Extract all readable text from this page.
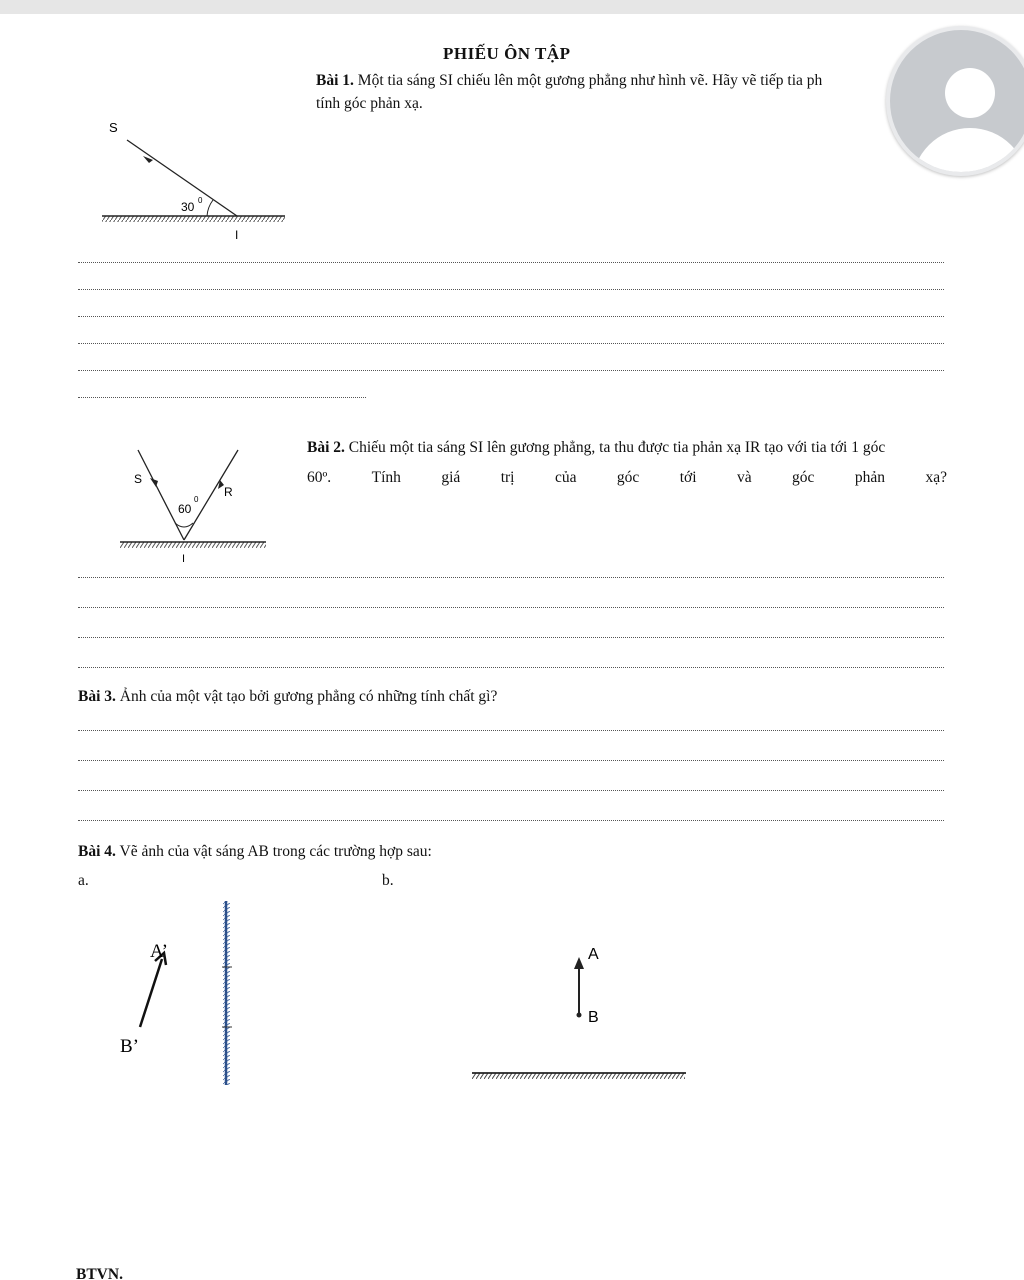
PHIẾU ÔN TẬP
Bài 1. Một tia sáng SI chiếu lên một gương phẳng như hình vẽ. Hãy vẽ tiếp tia ph
tính góc phản xạ.
S
30 0
I
Bài 2. Chiếu một tia sáng SI lên gương phẳng, ta thu được tia phản xạ IR tạo với tia tới 1 góc
60º.	Tính	giá	trị	của	góc	tới	và	góc	phản	xạ?
S
R
60
0
I
Bài 3. Ảnh của một vật tạo bởi gương phẳng có những tính chất gì?
Bài 4. Vẽ ảnh của vật sáng AB trong các trường hợp sau:
a.	b.
A’
B’
A
B
BTVN.
